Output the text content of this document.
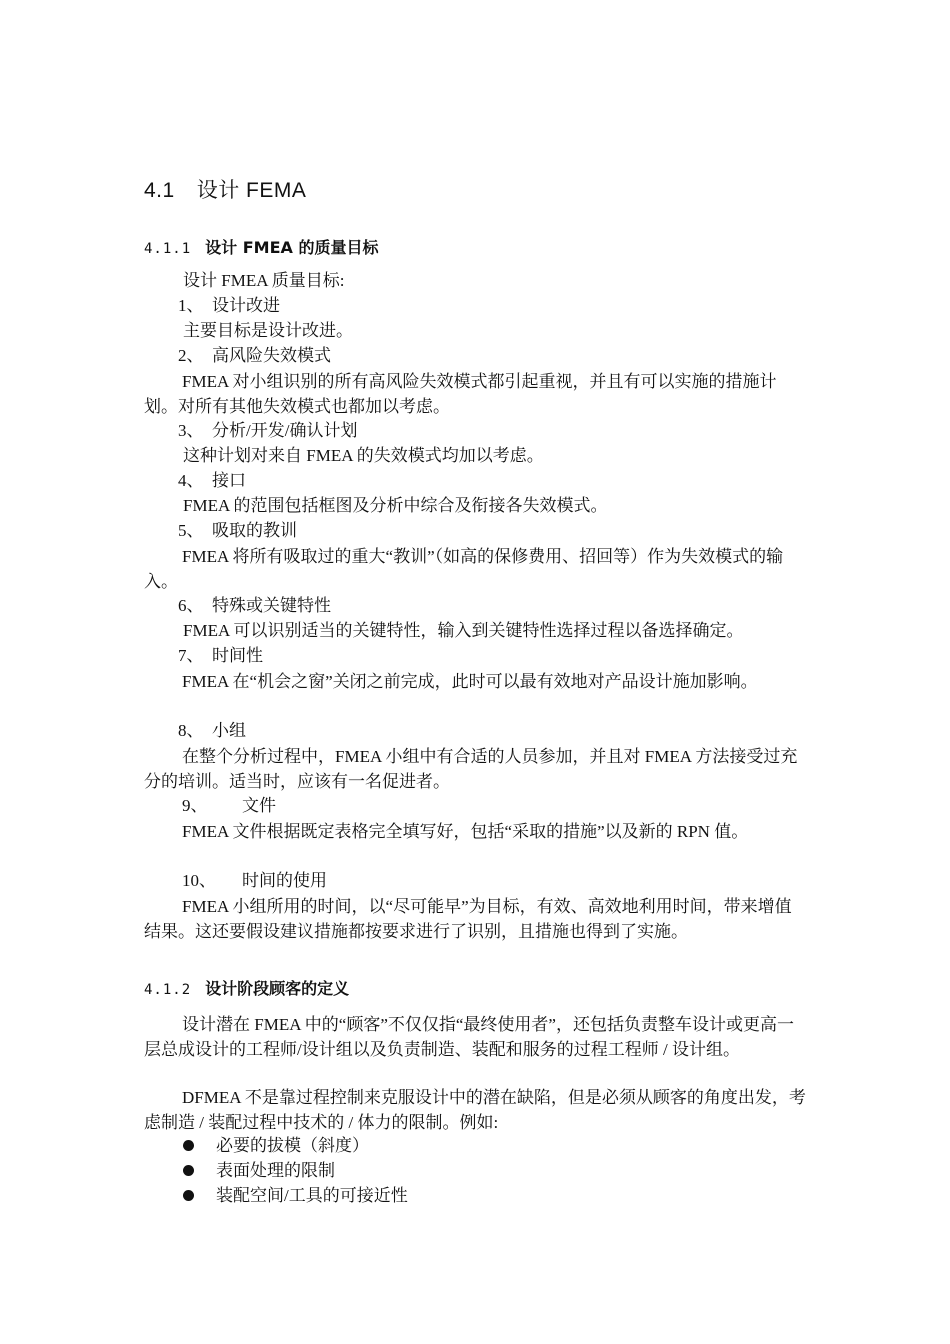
4.1 设计 FEMA
4.1.1 设计 FMEA 的质量目标
设计 FMEA 质量目标:
1、 设计改进
主要目标是设计改进。
2、 高风险失效模式
FMEA 对小组识别的所有高风险失效模式都引起重视，并且有可以实施的措施计划。对所有其他失效模式也都加以考虑。
3、 分析/开发/确认计划
这种计划对来自 FMEA 的失效模式均加以考虑。
4、 接口
FMEA 的范围包括框图及分析中综合及衔接各失效模式。
5、 吸取的教训
FMEA 将所有吸取过的重大“教训”（如高的保修费用、招回等）作为失效模式的输入。
6、 特殊或关键特性
FMEA 可以识别适当的关键特性，输入到关键特性选择过程以备选择确定。
7、 时间性
FMEA 在“机会之窗”关闭之前完成，此时可以最有效地对产品设计施加影响。
8、 小组
在整个分析过程中，FMEA 小组中有合适的人员参加，并且对 FMEA 方法接受过充分的培训。适当时，应该有一名促进者。
9、 文件
FMEA 文件根据既定表格完全填写好，包括“采取的措施”以及新的 RPN 值。
10、 时间的使用
FMEA 小组所用的时间，以“尽可能早”为目标，有效、高效地利用时间，带来增值结果。这还要假设建议措施都按要求进行了识别，且措施也得到了实施。
4.1.2 设计阶段顾客的定义
设计潜在 FMEA 中的“顾客”不仅仅指“最终使用者”，还包括负责整车设计或更高一层总成设计的工程师/设计组以及负责制造、装配和服务的过程工程师 / 设计组。
DFMEA 不是靠过程控制来克服设计中的潜在缺陷，但是必须从顾客的角度出发，考虑制造 / 装配过程中技术的 / 体力的限制。例如:
必要的拔模（斜度）
表面处理的限制
装配空间/工具的可接近性
